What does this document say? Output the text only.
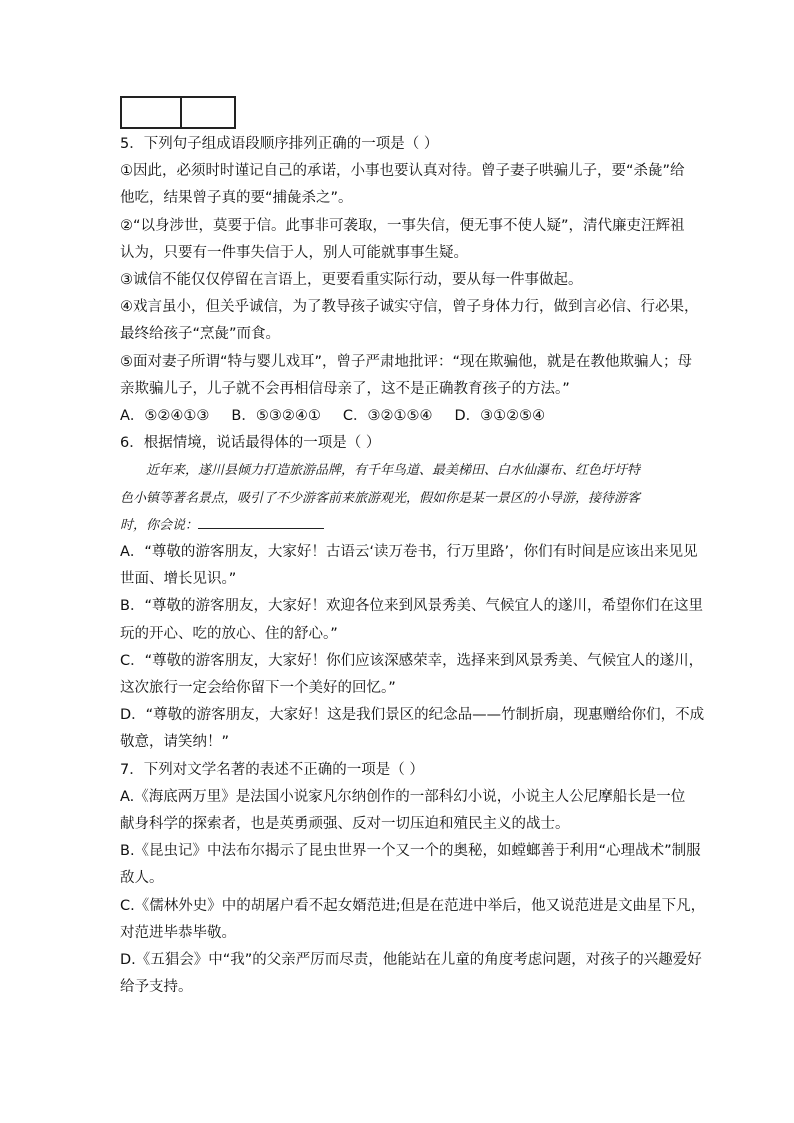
5．下列句子组成语段顺序排列正确的一项是（ ）
①因此，必须时时谨记自己的承诺，小事也要认真对待。曾子妻子哄骗儿子，要“杀彘”给
他吃，结果曾子真的要“捕彘杀之”。
②“以身涉世，莫要于信。此事非可袭取，一事失信，便无事不使人疑”，清代廉吏汪辉祖
认为，只要有一件事失信于人，别人可能就事事生疑。
③诚信不能仅仅停留在言语上，更要看重实际行动，要从每一件事做起。
④戏言虽小，但关乎诚信，为了教导孩子诚实守信，曾子身体力行，做到言必信、行必果，
最终给孩子“烹彘”而食。
⑤面对妻子所谓“特与婴儿戏耳”，曾子严肃地批评：“现在欺骗他，就是在教他欺骗人；母
亲欺骗儿子，儿子就不会再相信母亲了，这不是正确教育孩子的方法。”
A．⑤②④①③ B．⑤③②④① C．③②①⑤④ D．③①②⑤④
6．根据情境，说话最得体的一项是（ ）
近年来，遂川县倾力打造旅游品牌，有千年鸟道、最美梯田、白水仙瀑布、红色圩圩特
色小镇等著名景点，吸引了不少游客前来旅游观光，假如你是某一景区的小导游，接待游客
时，你会说：
A．“尊敬的游客朋友，大家好！古语云‘读万卷书，行万里路’，你们有时间是应该出来见见
世面、增长见识。”
B．“尊敬的游客朋友，大家好！欢迎各位来到风景秀美、气候宜人的遂川，希望你们在这里
玩的开心、吃的放心、住的舒心。”
C．“尊敬的游客朋友，大家好！你们应该深感荣幸，选择来到风景秀美、气候宜人的遂川，
这次旅行一定会给你留下一个美好的回忆。”
D．“尊敬的游客朋友，大家好！这是我们景区的纪念品——竹制折扇，现惠赠给你们，不成
敬意，请笑纳！”
7．下列对文学名著的表述不正确的一项是（ ）
A.《海底两万里》是法国小说家凡尔纳创作的一部科幻小说，小说主人公尼摩船长是一位
献身科学的探索者，也是英勇顽强、反对一切压迫和殖民主义的战士。
B.《昆虫记》中法布尔揭示了昆虫世界一个又一个的奥秘，如螳螂善于利用“心理战术”制服
敌人。
C.《儒林外史》中的胡屠户看不起女婿范进;但是在范进中举后，他又说范进是文曲星下凡，
对范进毕恭毕敬。
D.《五猖会》中“我”的父亲严厉而尽责，他能站在儿童的角度考虑问题，对孩子的兴趣爱好
给予支持。
